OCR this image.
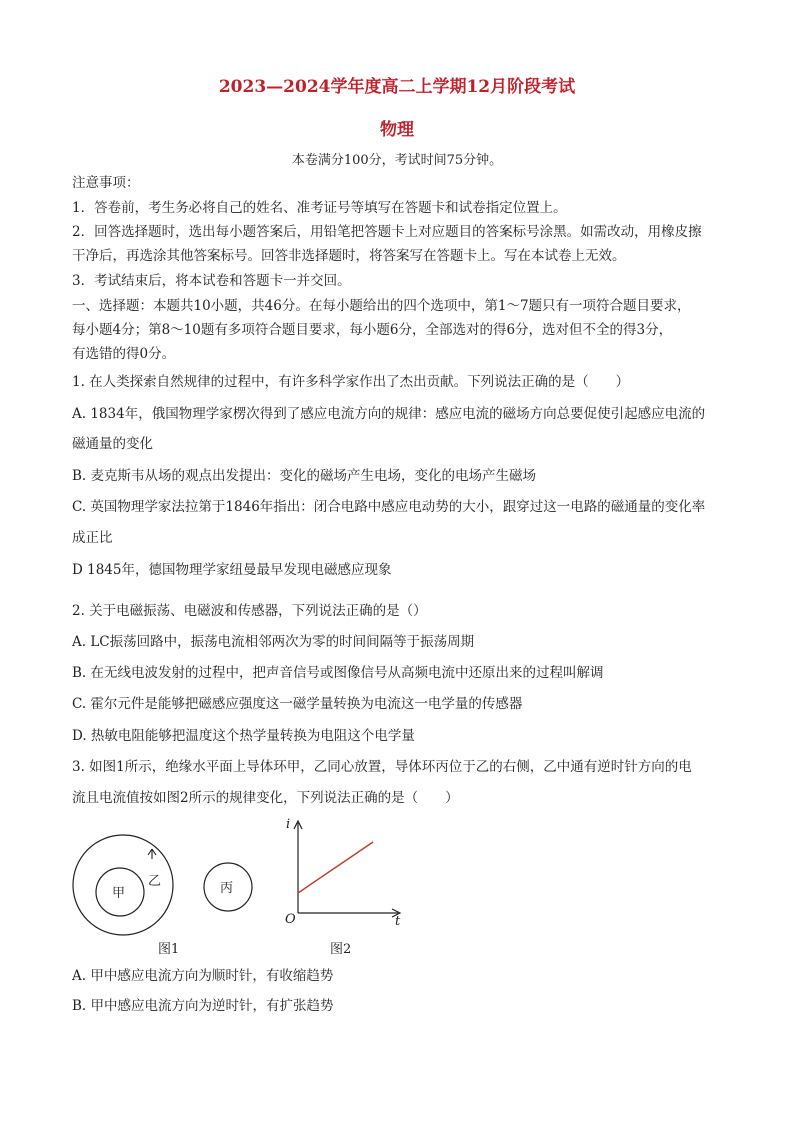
2023—2024学年度高二上学期12月阶段考试
物理
本卷满分100分，考试时间75分钟。
注意事项：
1．答卷前，考生务必将自己的姓名、准考证号等填写在答题卡和试卷指定位置上。
2．回答选择题时，选出每小题答案后，用铅笔把答题卡上对应题目的答案标号涂黑。如需改动，用橡皮擦
干净后，再选涂其他答案标号。回答非选择题时，将答案写在答题卡上。写在本试卷上无效。
3．考试结束后，将本试卷和答题卡一并交回。
一、选择题：本题共10小题，共46分。在每小题给出的四个选项中，第1～7题只有一项符合题目要求，
每小题4分；第8～10题有多项符合题目要求，每小题6分，全部选对的得6分，选对但不全的得3分，
有选错的得0分。
1. 在人类探索自然规律的过程中，有许多科学家作出了杰出贡献。下列说法正确的是（　　）
A. 1834年，俄国物理学家楞次得到了感应电流方向的规律：感应电流的磁场方向总要促使引起感应电流的
磁通量的变化
B. 麦克斯韦从场的观点出发提出：变化的磁场产生电场，变化的电场产生磁场
C. 英国物理学家法拉第于1846年指出：闭合电路中感应电动势的大小，跟穿过这一电路的磁通量的变化率
成正比
D 1845年，德国物理学家纽曼最早发现电磁感应现象
2. 关于电磁振荡、电磁波和传感器，下列说法正确的是（）
A. LC振荡回路中，振荡电流相邻两次为零的时间间隔等于振荡周期
B. 在无线电波发射的过程中，把声音信号或图像信号从高频电流中还原出来的过程叫解调
C. 霍尔元件是能够把磁感应强度这一磁学量转换为电流这一电学量的传感器
D. 热敏电阻能够把温度这个热学量转换为电阻这个电学量
3. 如图1所示，绝缘水平面上导体环甲，乙同心放置，导体环丙位于乙的右侧，乙中通有逆时针方向的电
流且电流值按如图2所示的规律变化，下列说法正确的是（　　）
甲
乙	丙
图1
i
t
O
图2
A. 甲中感应电流方向为顺时针，有收缩趋势
B. 甲中感应电流方向为逆时针，有扩张趋势
